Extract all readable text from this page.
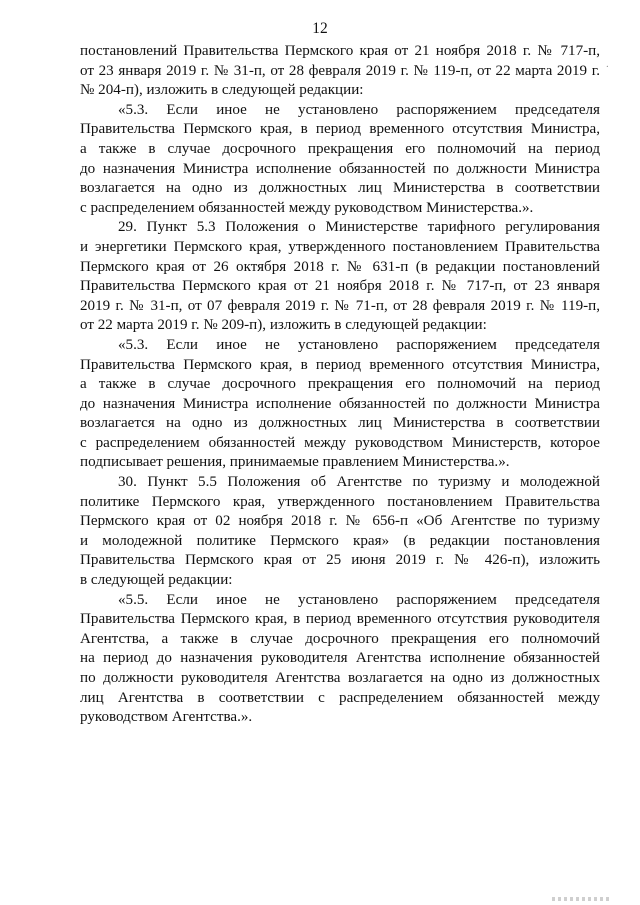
12
.
постановлений Правительства Пермского края от 21 ноября 2018 г. № 717-п,
от 23 января 2019 г. № 31-п, от 28 февраля 2019 г. № 119-п, от 22 марта 2019 г.
№ 204-п), изложить в следующей редакции:
«5.3. Если иное не установлено распоряжением председателя
Правительства Пермского края, в период временного отсутствия Министра,
а также в случае досрочного прекращения его полномочий на период
до назначения Министра исполнение обязанностей по должности Министра
возлагается на одно из должностных лиц Министерства в соответствии
с распределением обязанностей между руководством Министерства.».
29. Пункт 5.3 Положения о Министерстве тарифного регулирования
и энергетики Пермского края, утвержденного постановлением Правительства
Пермского края от 26 октября 2018 г. № 631-п (в редакции постановлений
Правительства Пермского края от 21 ноября 2018 г. № 717-п, от 23 января
2019 г. № 31-п, от 07 февраля 2019 г. № 71-п, от 28 февраля 2019 г. № 119-п,
от 22 марта 2019 г. № 209-п), изложить в следующей редакции:
«5.3. Если иное не установлено распоряжением председателя
Правительства Пермского края, в период временного отсутствия Министра,
а также в случае досрочного прекращения его полномочий на период
до назначения Министра исполнение обязанностей по должности Министра
возлагается на одно из должностных лиц Министерства в соответствии
с распределением обязанностей между руководством Министерств, которое
подписывает решения, принимаемые правлением Министерства.».
30. Пункт 5.5 Положения об Агентстве по туризму и молодежной
политике Пермского края, утвержденного постановлением Правительства
Пермского края от 02 ноября 2018 г. № 656-п «Об Агентстве по туризму
и молодежной политике Пермского края» (в редакции постановления
Правительства Пермского края от 25 июня 2019 г. № 426-п), изложить
в следующей редакции:
«5.5. Если иное не установлено распоряжением председателя
Правительства Пермского края, в период временного отсутствия руководителя
Агентства, а также в случае досрочного прекращения его полномочий
на период до назначения руководителя Агентства исполнение обязанностей
по должности руководителя Агентства возлагается на одно из должностных
лиц Агентства в соответствии с распределением обязанностей между
руководством Агентства.».
